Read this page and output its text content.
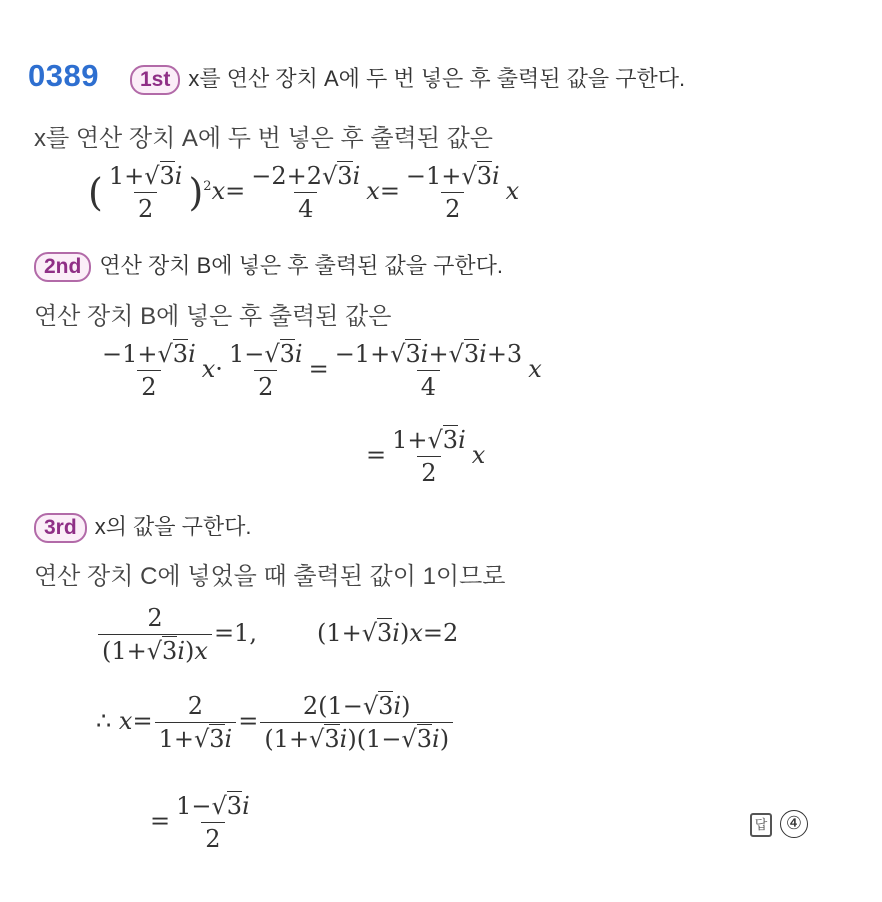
0389	1st x를 연산 장치 A에 두 번 넣은 후 출력된 값을 구한다.
x를 연산 장치 A에 두 번 넣은 후 출력된 값은
( $\frac{1+√3i}{2} )^2x= \frac{-2+2√3i}{4} x= \frac{-1+√3i}{2}$ x
2nd 연산 장치 B에 넣은 후 출력된 값을 구한다.
연산 장치 B에 넣은 후 출력된 값은
$\frac{-1+√3i}{2} x\cdot \frac{1-√3i}{2} = \frac{-1+√3i+√3i+3}{4}$ x
= $\frac{1+√3i}{2}$ x
3rd x의 값을 구한다.
연산 장치 C에 넣었을 때 출력된 값이 1이므로
$\frac{2}{(1+√3i)x} =1$,	(1+√3i)x=2
∴ $x= \frac{2}{1+√3i} = \frac{2(1-√3i)}{(1+√3i)(1-√3i)}$
= $\frac{1-√3i}{2}$	답 ④
